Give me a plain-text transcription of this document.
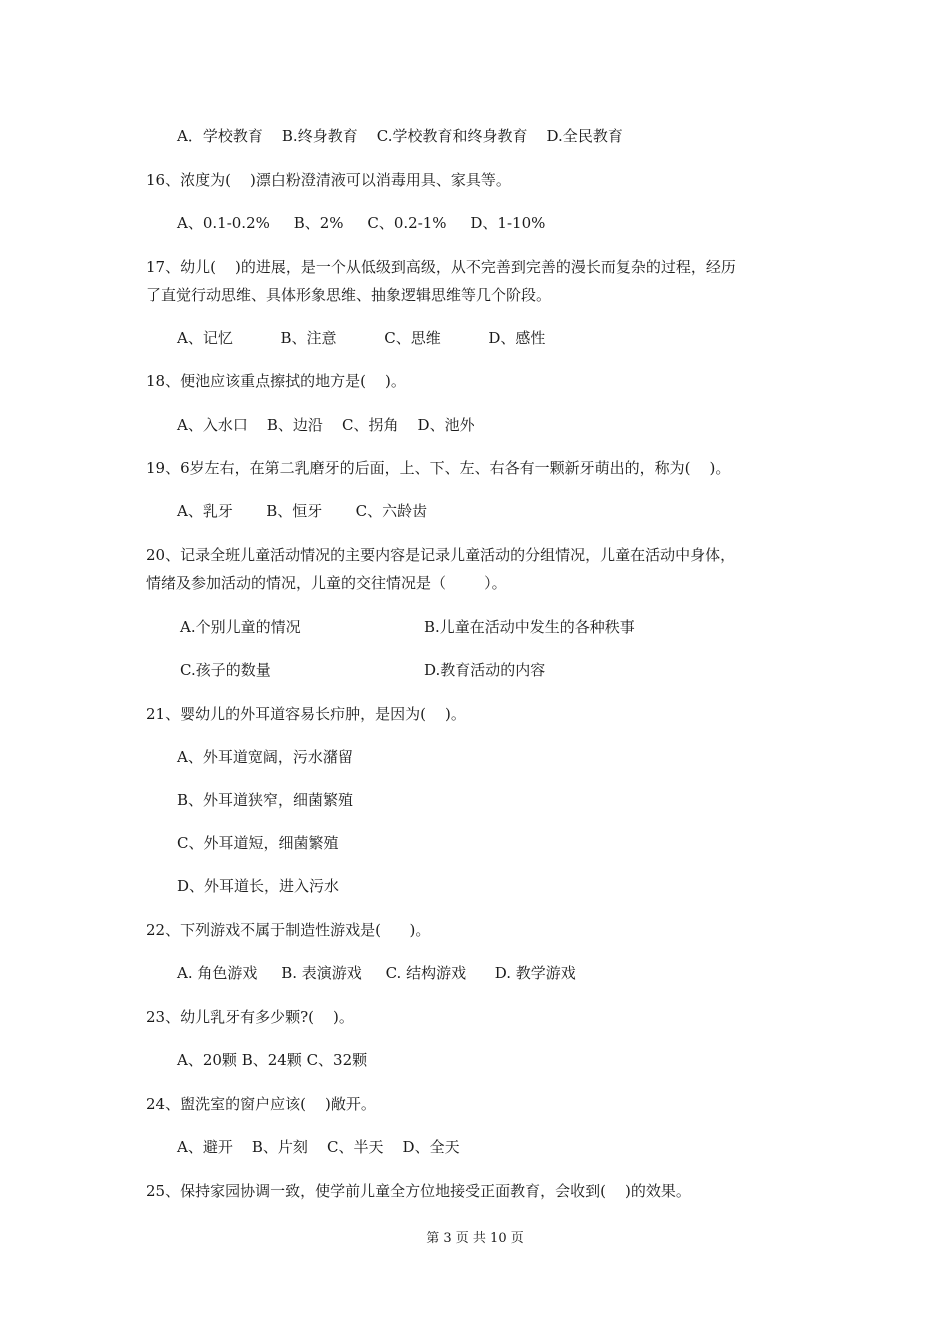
A．学校教育    B.终身教育    C.学校教育和终身教育    D.全民教育
16、浓度为(    )漂白粉澄清液可以消毒用具、家具等。
A、0.1-0.2%     B、2%     C、0.2-1%     D、1-10%
17、幼儿(    )的进展，是一个从低级到高级，从不完善到完善的漫长而复杂的过程，经历
了直觉行动思维、具体形象思维、抽象逻辑思维等几个阶段。
A、记忆          B、注意          C、思维          D、感性
18、便池应该重点擦拭的地方是(    )。
A、入水口    B、边沿    C、拐角    D、池外
19、6岁左右，在第二乳磨牙的后面，上、下、左、右各有一颗新牙萌出的，称为(    )。
A、乳牙       B、恒牙       C、六龄齿
20、记录全班儿童活动情况的主要内容是记录儿童活动的分组情况，儿童在活动中身体，
情绪及参加活动的情况，儿童的交往情况是（        ）。
A.个别儿童的情况	B.儿童在活动中发生的各种秩事
C.孩子的数量	D.教育活动的内容
21、婴幼儿的外耳道容易长疖肿，是因为(    )。
A、外耳道宽阔，污水潴留
B、外耳道狭窄，细菌繁殖
C、外耳道短，细菌繁殖
D、外耳道长，进入污水
22、下列游戏不属于制造性游戏是(      )。
A. 角色游戏     B. 表演游戏     C. 结构游戏      D. 教学游戏
23、幼儿乳牙有多少颗?(    )。
A、20颗 B、24颗 C、32颗
24、盥洗室的窗户应该(    )敞开。
A、避开    B、片刻    C、半天    D、全天
25、保持家园协调一致，使学前儿童全方位地接受正面教育，会收到(    )的效果。
第 3 页 共 10 页
